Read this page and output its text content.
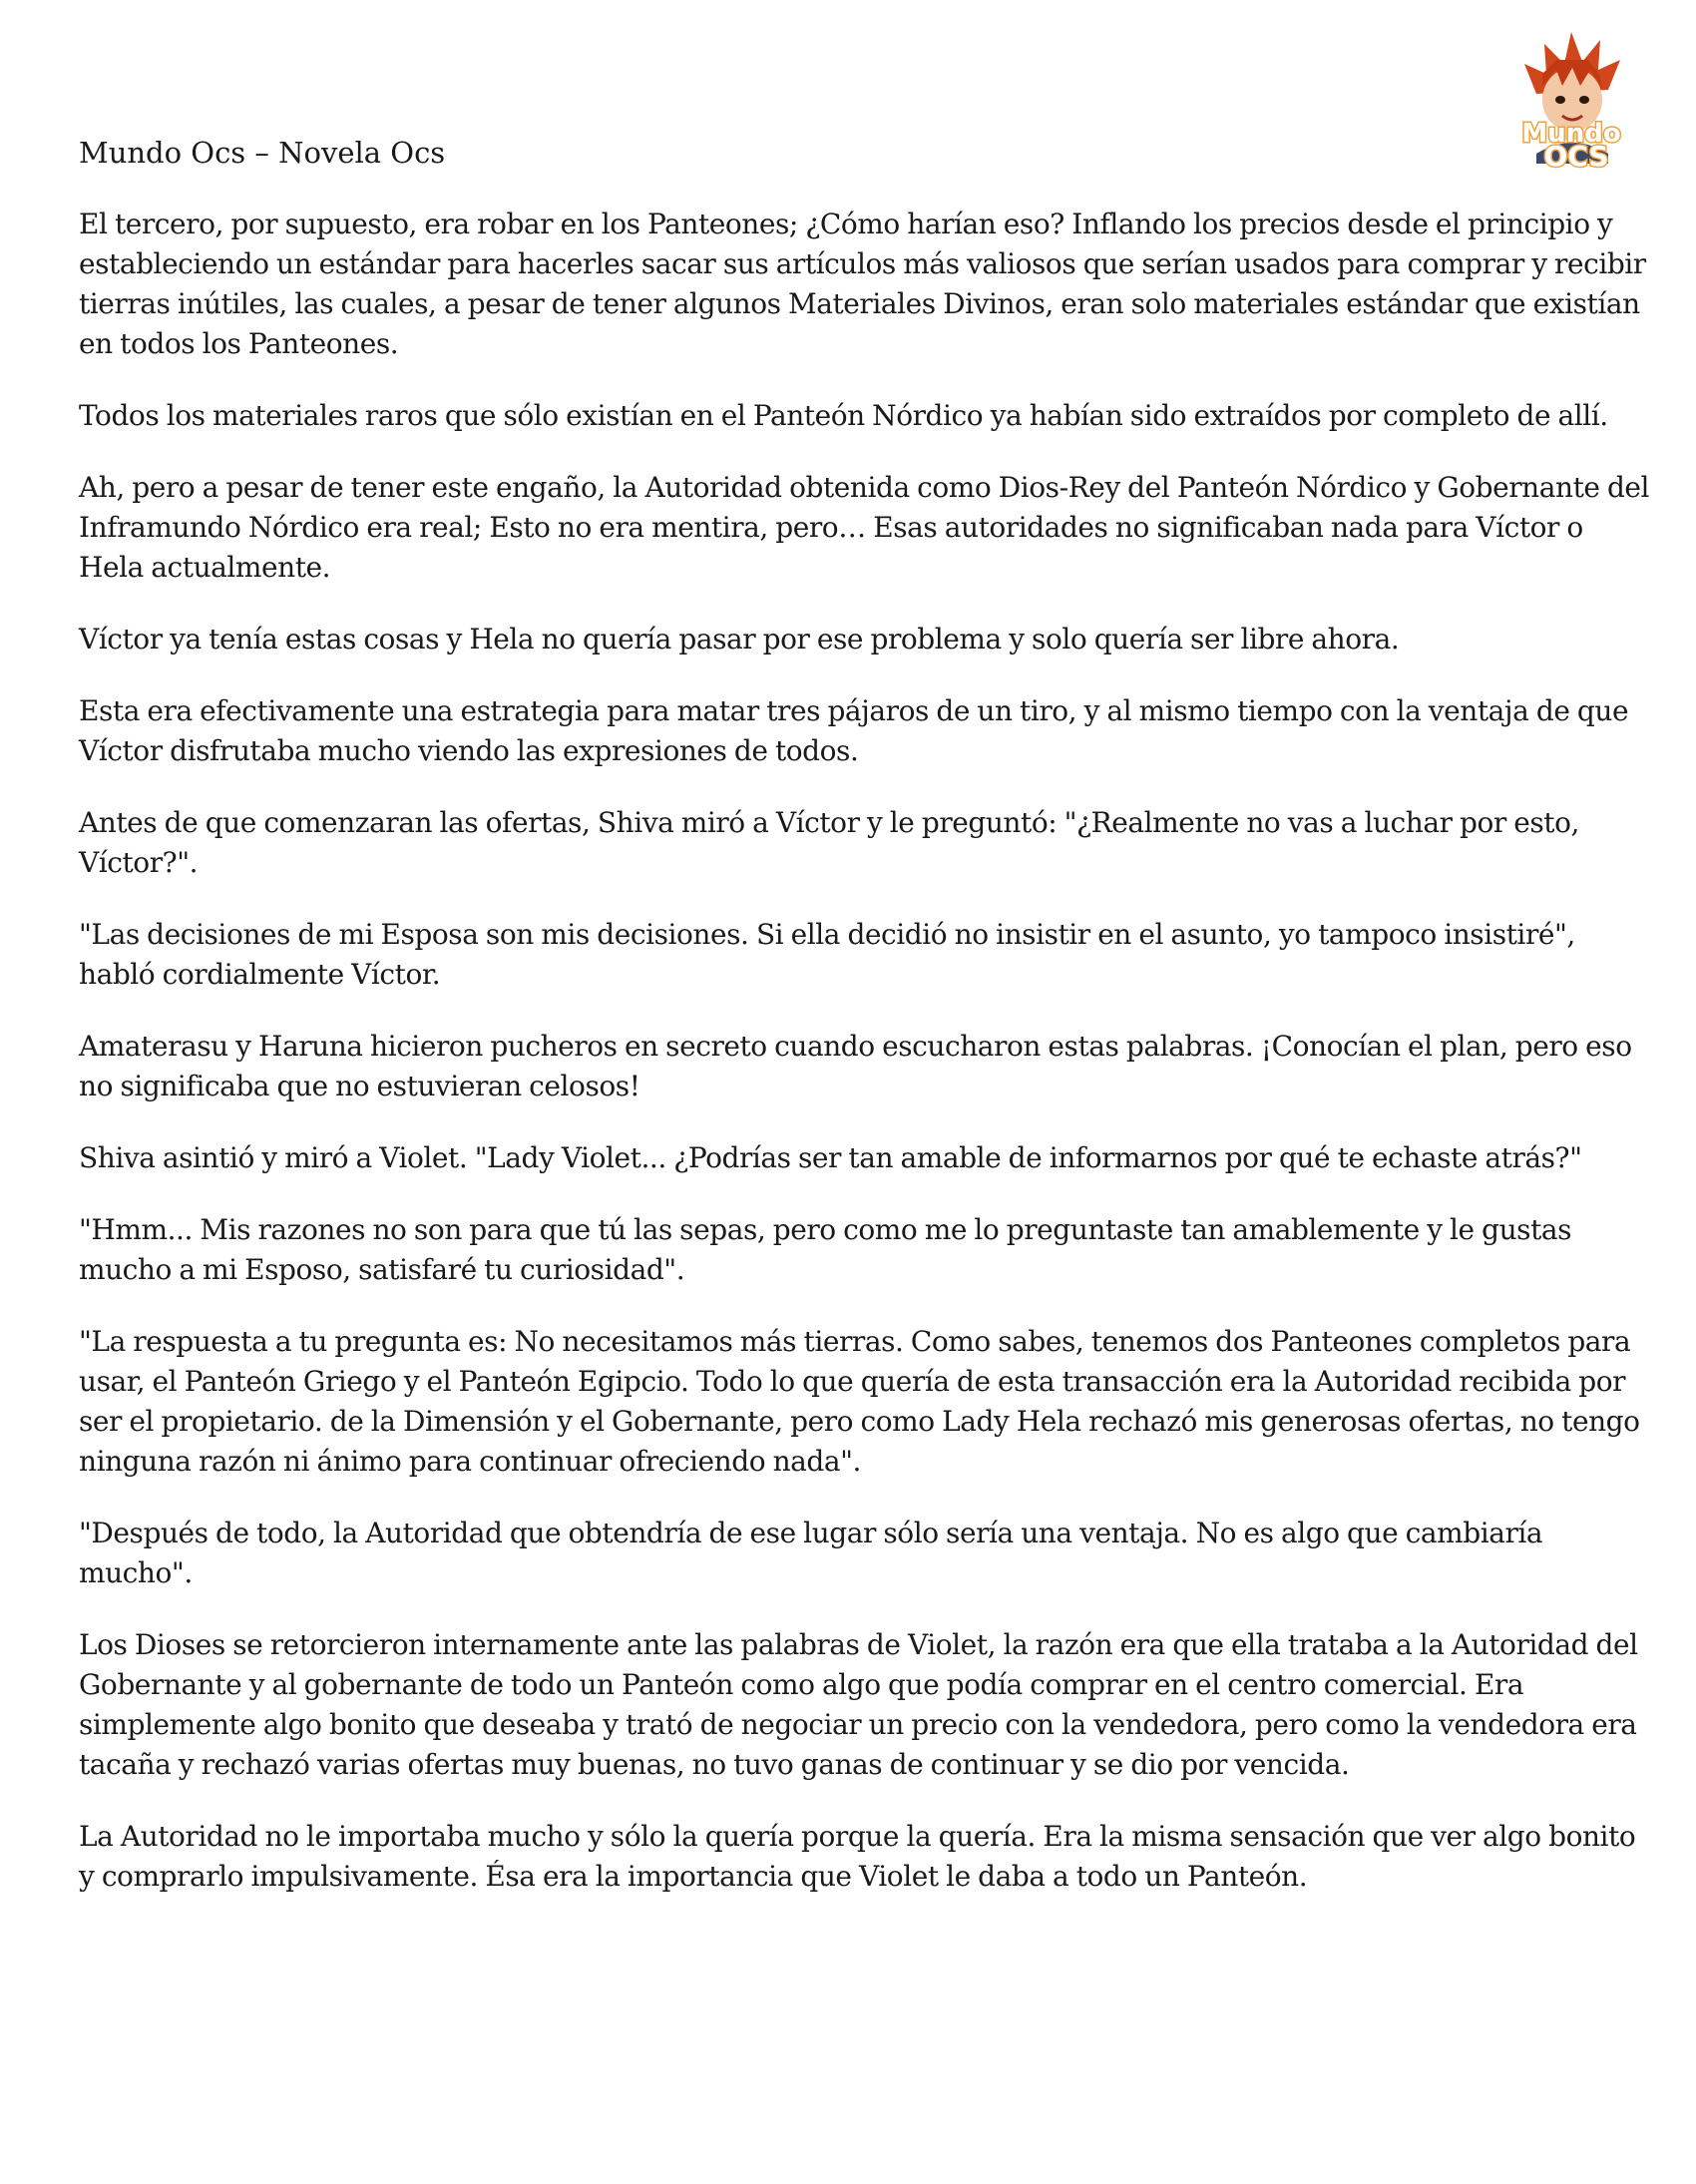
Mundo
OCS
Mundo Ocs – Novela Ocs

El tercero, por supuesto, era robar en los Panteones; ¿Cómo harían eso? Inflando los precios desde el principio y estableciendo un estándar para hacerles sacar sus artículos más valiosos que serían usados para comprar y recibir tierras inútiles, las cuales, a pesar de tener algunos Materiales Divinos, eran solo materiales estándar que existían en todos los Panteones.

Todos los materiales raros que sólo existían en el Panteón Nórdico ya habían sido extraídos por completo de allí.

Ah, pero a pesar de tener este engaño, la Autoridad obtenida como Dios-Rey del Panteón Nórdico y Gobernante del Inframundo Nórdico era real; Esto no era mentira, pero… Esas autoridades no significaban nada para Víctor o Hela actualmente.

Víctor ya tenía estas cosas y Hela no quería pasar por ese problema y solo quería ser libre ahora.

Esta era efectivamente una estrategia para matar tres pájaros de un tiro, y al mismo tiempo con la ventaja de que Víctor disfrutaba mucho viendo las expresiones de todos.

Antes de que comenzaran las ofertas, Shiva miró a Víctor y le preguntó: "¿Realmente no vas a luchar por esto, Víctor?".

"Las decisiones de mi Esposa son mis decisiones. Si ella decidió no insistir en el asunto, yo tampoco insistiré", habló cordialmente Víctor.

Amaterasu y Haruna hicieron pucheros en secreto cuando escucharon estas palabras. ¡Conocían el plan, pero eso no significaba que no estuvieran celosos!

Shiva asintió y miró a Violet. "Lady Violet... ¿Podrías ser tan amable de informarnos por qué te echaste atrás?"

"Hmm... Mis razones no son para que tú las sepas, pero como me lo preguntaste tan amablemente y le gustas mucho a mi Esposo, satisfaré tu curiosidad".

"La respuesta a tu pregunta es: No necesitamos más tierras. Como sabes, tenemos dos Panteones completos para usar, el Panteón Griego y el Panteón Egipcio. Todo lo que quería de esta transacción era la Autoridad recibida por ser el propietario. de la Dimensión y el Gobernante, pero como Lady Hela rechazó mis generosas ofertas, no tengo ninguna razón ni ánimo para continuar ofreciendo nada".

"Después de todo, la Autoridad que obtendría de ese lugar sólo sería una ventaja. No es algo que cambiaría mucho".

Los Dioses se retorcieron internamente ante las palabras de Violet, la razón era que ella trataba a la Autoridad del Gobernante y al gobernante de todo un Panteón como algo que podía comprar en el centro comercial. Era simplemente algo bonito que deseaba y trató de negociar un precio con la vendedora, pero como la vendedora era tacaña y rechazó varias ofertas muy buenas, no tuvo ganas de continuar y se dio por vencida.

La Autoridad no le importaba mucho y sólo la quería porque la quería. Era la misma sensación que ver algo bonito y comprarlo impulsivamente. Ésa era la importancia que Violet le daba a todo un Panteón.
